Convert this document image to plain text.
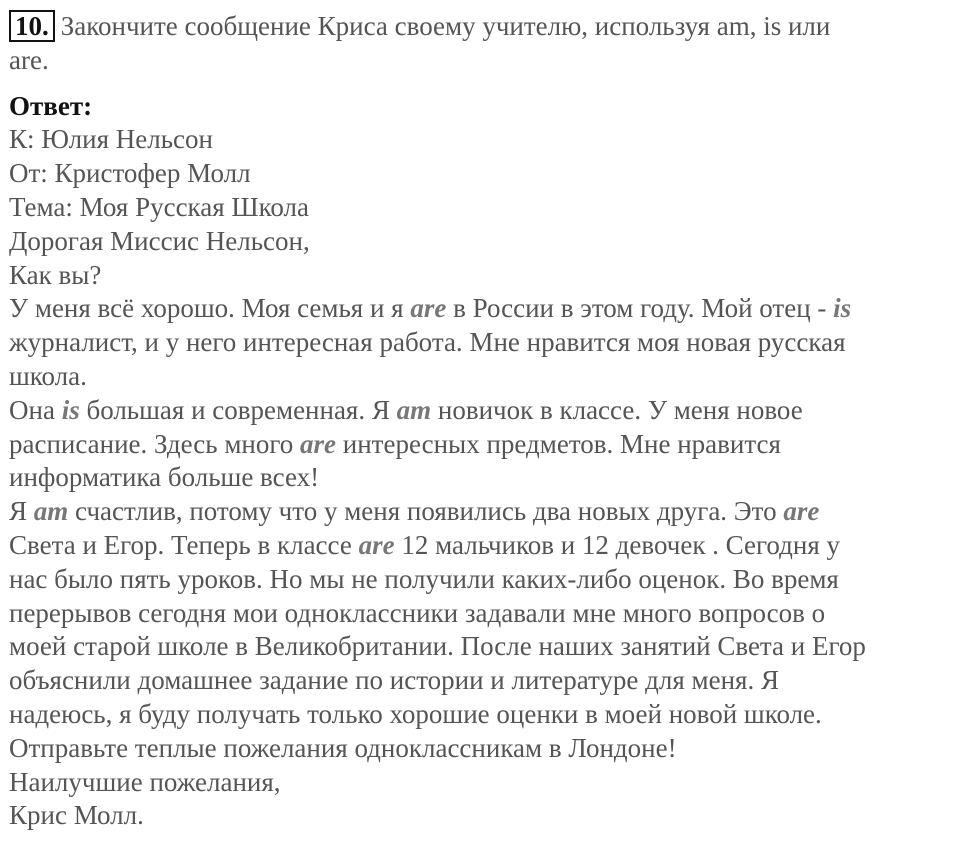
10. Закончите сообщение Криса своему учителю, используя am, is или
are.
Ответ:
К: Юлия Нельсон
От: Кристофер Молл
Тема: Моя Русская Школа
Дорогая Миссис Нельсон,
Как вы?
У меня всё хорошо. Моя семья и я are в России в этом году. Мой отец - is
журналист, и у него интересная работа. Мне нравится моя новая русская
школа.
Она is большая и современная. Я am новичок в классе. У меня новое
расписание. Здесь много are интересных предметов. Мне нравится
информатика больше всех!
Я am счастлив, потому что у меня появились два новых друга. Это are
Света и Егор. Теперь в классе are 12 мальчиков и 12 девочек . Сегодня у
нас было пять уроков. Но мы не получили каких-либо оценок. Во время
перерывов сегодня мои одноклассники задавали мне много вопросов о
моей старой школе в Великобритании. После наших занятий Света и Егор
объяснили домашнее задание по истории и литературе для меня. Я
надеюсь, я буду получать только хорошие оценки в моей новой школе.
Отправьте теплые пожелания одноклассникам в Лондоне!
Наилучшие пожелания,
Крис Молл.
